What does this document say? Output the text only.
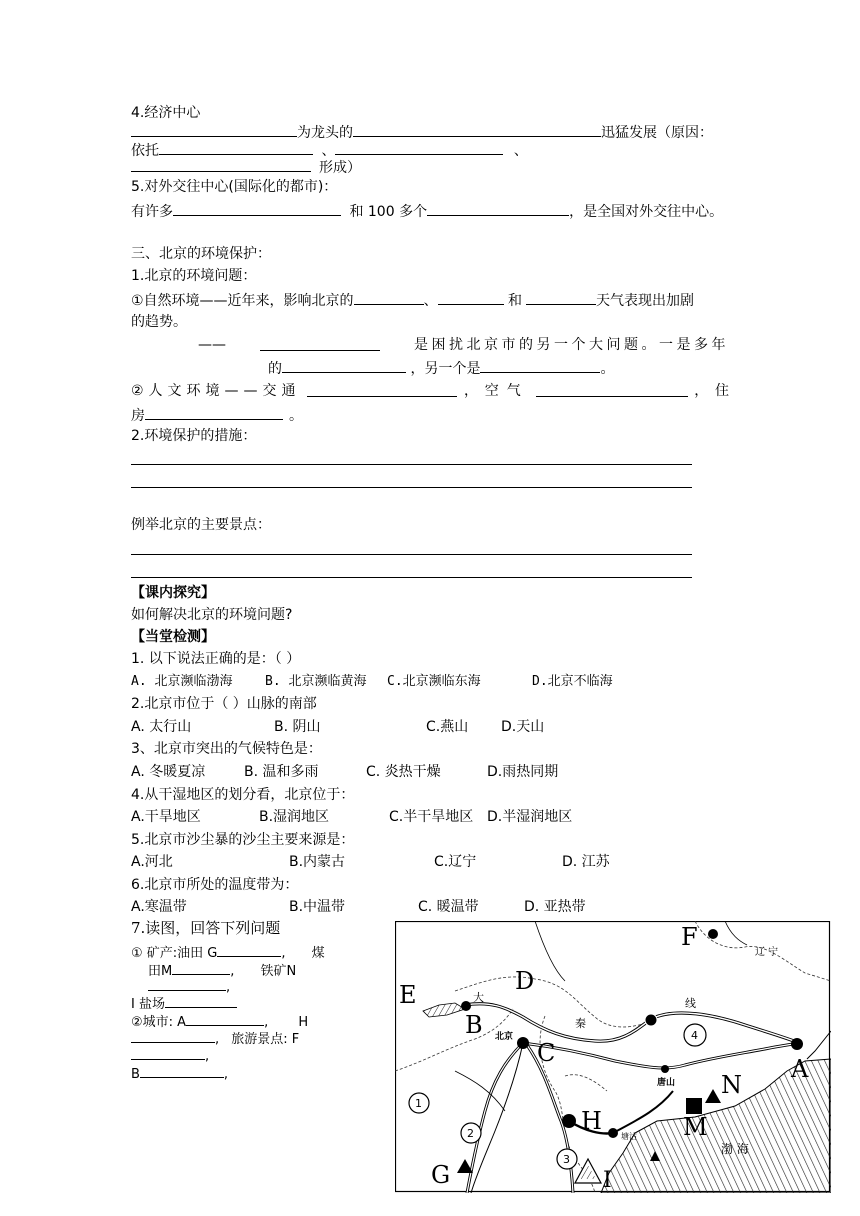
4.经济中心
为龙头的	迅猛发展（原因：
依托	、	、
形成）
5.对外交往中心(国际化的都市)：
有许多	和 100 多个	，是全国对外交往中心。
三、北京的环境保护：
1.北京的环境问题：
①自然环境——近年来，影响北京的	、	和	天气表现出加剧
的趋势。
——	是困扰北京市的另一个大问题。一是多年
的	，另一个是	。
②人文环境——交通	， 空气	， 住
房	。
2.环境保护的措施：
例举北京的主要景点：
【课内探究】
如何解决北京的环境问题?
【当堂检测】
1. 以下说法正确的是：（ ）
A. 北京濒临渤海	B. 北京濒临黄海 C.北京濒临东海	D.北京不临海
2.北京市位于（ ）山脉的南部
A. 太行山	B. 阴山	C.燕山 D.天山
3、北京市突出的气候特色是：
A. 冬暖夏凉	B. 温和多雨	C. 炎热干燥	D.雨热同期
4.从干湿地区的划分看，北京位于：
A.干旱地区	B.湿润地区	C.半干旱地区 D.半湿润地区
5.北京市沙尘暴的沙尘主要来源是：
A.河北	B.内蒙古	C.辽宁	D. 江苏
6.北京市所处的温度带为：
A.寒温带	B.中温带	C. 暖温带	D. 亚热带
7.读图，回答下列问题
① 矿产:油田 G	, 煤
田M	, 铁矿N
,
I 盐场
②城市: A	, H
, 旅游景点: F
,
B	,
F
E	D
B
C
A
N
H	M
G	I
辽 宁
大
秦
线
北京
唐山
塘沽
渤 海
1
2
3
4
